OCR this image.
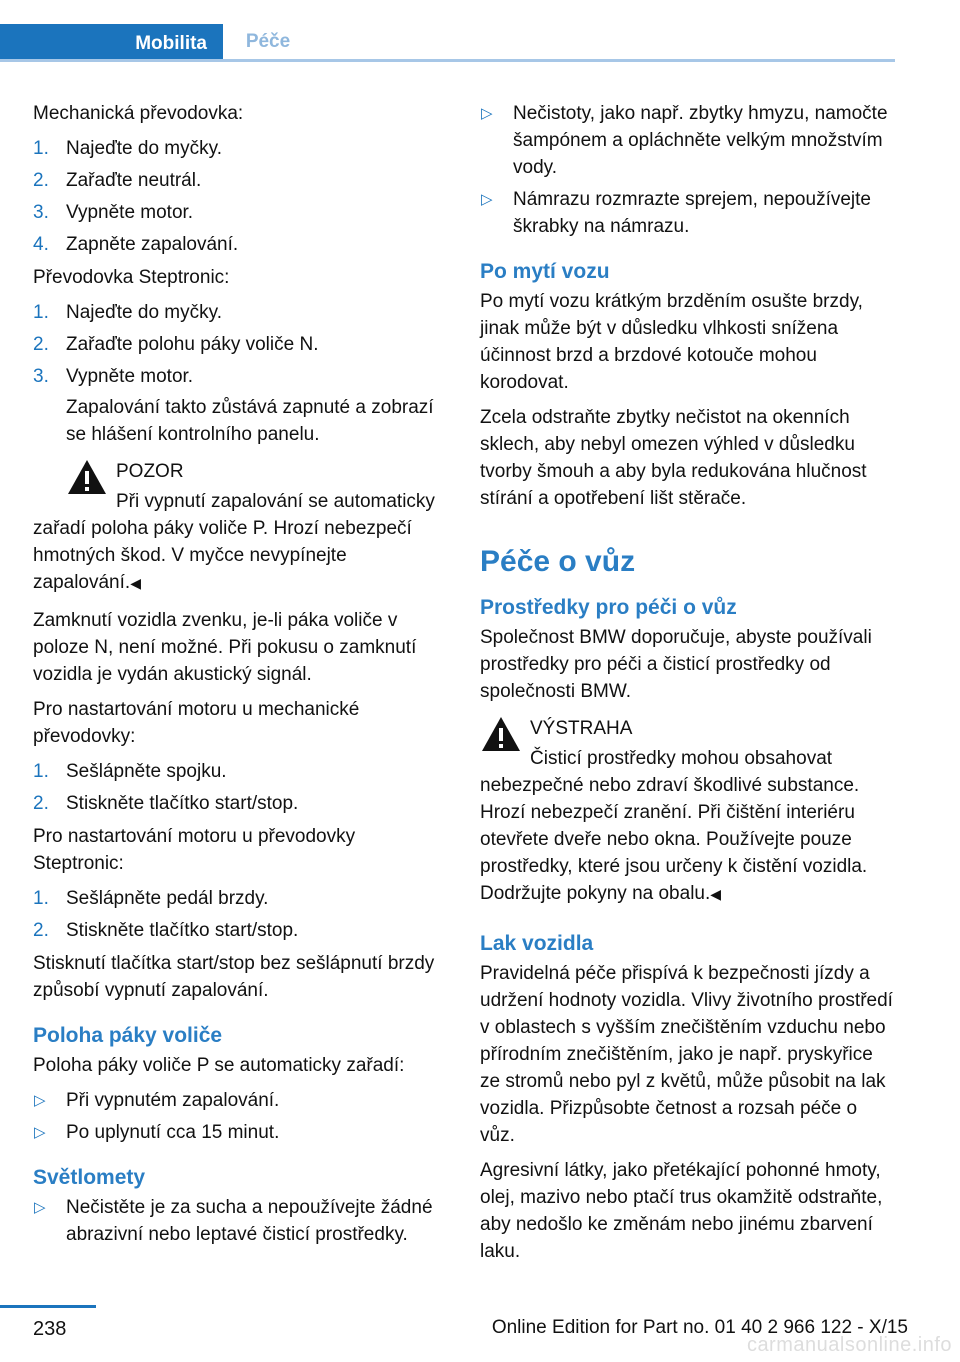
Mobilita	Péče

Mechanická převodovka:

1. Najeďte do myčky.
2. Zařaďte neutrál.
3. Vypněte motor.
4. Zapněte zapalování.

Převodovka Steptronic:

1. Najeďte do myčky.
2. Zařaďte polohu páky voliče N.
3. Vypněte motor.
Zapalování takto zůstává zapnuté a zobrazí se hlášení kontrolního panelu.
POZOR
Při vypnutí zapalování se automaticky zařadí poloha páky voliče P. Hrozí nebezpečí hmotných škod. V myčce nevypínejte zapalování.◀

Zamknutí vozidla zvenku, je-li páka voliče v poloze N, není možné. Při pokusu o zamknutí vozidla je vydán akustický signál.

Pro nastartování motoru u mechanické převodovky:

1. Sešlápněte spojku.
2. Stiskněte tlačítko start/stop.

Pro nastartování motoru u převodovky Steptronic:

1. Sešlápněte pedál brzdy.
2. Stiskněte tlačítko start/stop.

Stisknutí tlačítka start/stop bez sešlápnutí brzdy způsobí vypnutí zapalování.

Poloha páky voliče

Poloha páky voliče P se automaticky zařadí:

▷ Při vypnutém zapalování.
▷ Po uplynutí cca 15 minut.
Světlomety
▷ Nečistěte je za sucha a nepoužívejte žádné abrazivní nebo leptavé čisticí prostředky.
▷ Nečistoty, jako např. zbytky hmyzu, namočte šampónem a opláchněte velkým množstvím vody.
▷ Námrazu rozmrazte sprejem, nepoužívejte škrabky na námrazu.
Po mytí vozu

Po mytí vozu krátkým brzděním osušte brzdy, jinak může být v důsledku vlhkosti snížena účinnost brzd a brzdové kotouče mohou korodovat.

Zcela odstraňte zbytky nečistot na okenních sklech, aby nebyl omezen výhled v důsledku tvorby šmouh a aby byla redukována hlučnost stírání a opotřebení lišt stěrače.

Péče o vůz
Prostředky pro péči o vůz

Společnost BMW doporučuje, abyste používali prostředky pro péči a čisticí prostředky od společnosti BMW.

VÝSTRAHA
Čisticí prostředky mohou obsahovat nebezpečné nebo zdraví škodlivé substance. Hrozí nebezpečí zranění. Při čištění interiéru otevřete dveře nebo okna. Používejte pouze prostředky, které jsou určeny k čistění vozidla. Dodržujte pokyny na obalu.◀
Lak vozidla

Pravidelná péče přispívá k bezpečnosti jízdy a udržení hodnoty vozidla. Vlivy životního prostředí v oblastech s vyšším znečištěním vzduchu nebo přírodním znečištěním, jako je např. pryskyřice ze stromů nebo pyl z květů, může působit na lak vozidla. Přizpůsobte četnost a rozsah péče o vůz.

Agresivní látky, jako přetékající pohonné hmoty, olej, mazivo nebo ptačí trus okamžitě odstraňte, aby nedošlo ke změnám nebo jinému zbarvení laku.

238	Online Edition for Part no. 01 40 2 966 122 - X/15
carmanualsonline.info
